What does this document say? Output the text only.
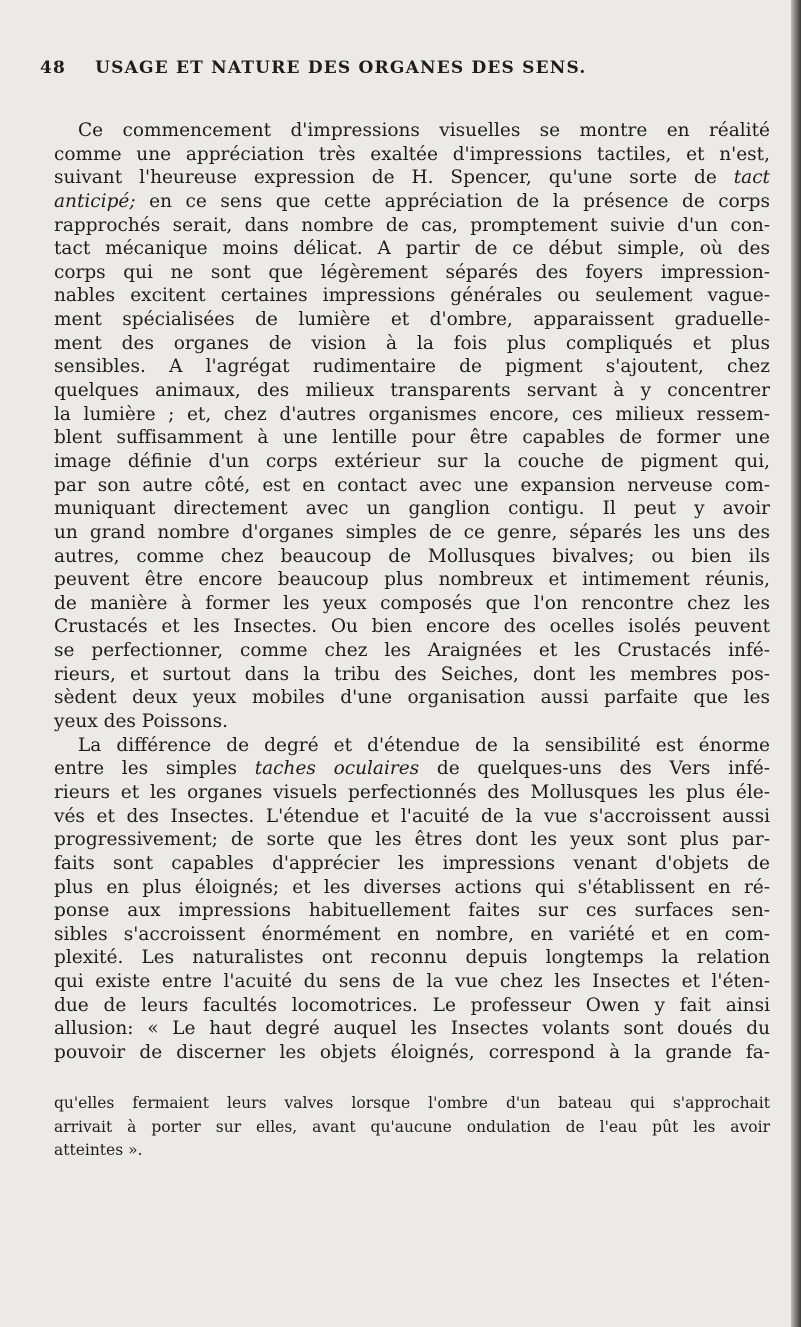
48 USAGE ET NATURE DES ORGANES DES SENS.
Ce commencement d'impressions visuelles se montre en réalité
comme une appréciation très exaltée d'impressions tactiles, et n'est,
suivant l'heureuse expression de H. Spencer, qu'une sorte de tact
anticipé; en ce sens que cette appréciation de la présence de corps
rapprochés serait, dans nombre de cas, promptement suivie d'un con-
tact mécanique moins délicat. A partir de ce début simple, où des
corps qui ne sont que légèrement séparés des foyers impression-
nables excitent certaines impressions générales ou seulement vague-
ment spécialisées de lumière et d'ombre, apparaissent graduelle-
ment des organes de vision à la fois plus compliqués et plus
sensibles. A l'agrégat rudimentaire de pigment s'ajoutent, chez
quelques animaux, des milieux transparents servant à y concentrer
la lumière ; et, chez d'autres organismes encore, ces milieux ressem-
blent suffisamment à une lentille pour être capables de former une
image définie d'un corps extérieur sur la couche de pigment qui,
par son autre côté, est en contact avec une expansion nerveuse com-
muniquant directement avec un ganglion contigu. Il peut y avoir
un grand nombre d'organes simples de ce genre, séparés les uns des
autres, comme chez beaucoup de Mollusques bivalves; ou bien ils
peuvent être encore beaucoup plus nombreux et intimement réunis,
de manière à former les yeux composés que l'on rencontre chez les
Crustacés et les Insectes. Ou bien encore des ocelles isolés peuvent
se perfectionner, comme chez les Araignées et les Crustacés infé-
rieurs, et surtout dans la tribu des Seiches, dont les membres pos-
sèdent deux yeux mobiles d'une organisation aussi parfaite que les
yeux des Poissons.
La différence de degré et d'étendue de la sensibilité est énorme
entre les simples taches oculaires de quelques-uns des Vers infé-
rieurs et les organes visuels perfectionnés des Mollusques les plus éle-
vés et des Insectes. L'étendue et l'acuité de la vue s'accroissent aussi
progressivement; de sorte que les êtres dont les yeux sont plus par-
faits sont capables d'apprécier les impressions venant d'objets de
plus en plus éloignés; et les diverses actions qui s'établissent en ré-
ponse aux impressions habituellement faites sur ces surfaces sen-
sibles s'accroissent énormément en nombre, en variété et en com-
plexité. Les naturalistes ont reconnu depuis longtemps la relation
qui existe entre l'acuité du sens de la vue chez les Insectes et l'éten-
due de leurs facultés locomotrices. Le professeur Owen y fait ainsi
allusion: « Le haut degré auquel les Insectes volants sont doués du
pouvoir de discerner les objets éloignés, correspond à la grande fa-
qu'elles fermaient leurs valves lorsque l'ombre d'un bateau qui s'approchait
arrivait à porter sur elles, avant qu'aucune ondulation de l'eau pût les avoir
atteintes ».
